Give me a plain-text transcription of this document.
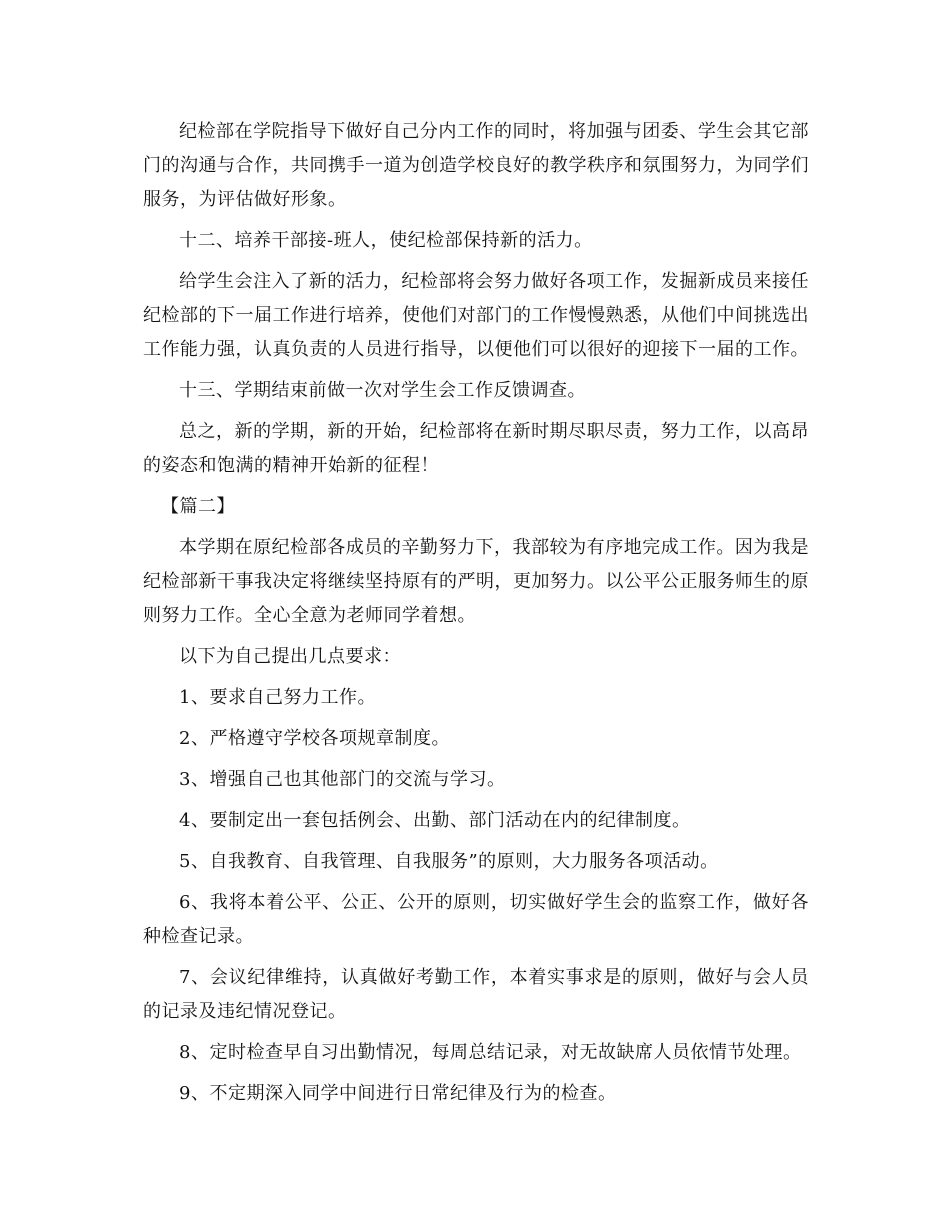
纪检部在学院指导下做好自己分内工作的同时，将加强与团委、学生会其它部门的沟通与合作，共同携手一道为创造学校良好的教学秩序和氛围努力，为同学们服务，为评估做好形象。

十二、培养干部接-班人，使纪检部保持新的活力。

给学生会注入了新的活力，纪检部将会努力做好各项工作，发掘新成员来接任纪检部的下一届工作进行培养，使他们对部门的工作慢慢熟悉，从他们中间挑选出工作能力强，认真负责的人员进行指导，以便他们可以很好的迎接下一届的工作。

十三、学期结束前做一次对学生会工作反馈调查。

总之，新的学期，新的开始，纪检部将在新时期尽职尽责，努力工作，以高昂的姿态和饱满的精神开始新的征程！

【篇二】

本学期在原纪检部各成员的辛勤努力下，我部较为有序地完成工作。因为我是纪检部新干事我决定将继续坚持原有的严明，更加努力。以公平公正服务师生的原则努力工作。全心全意为老师同学着想。

以下为自己提出几点要求：

1、要求自己努力工作。

2、严格遵守学校各项规章制度。

3、增强自己也其他部门的交流与学习。

4、要制定出一套包括例会、出勤、部门活动在内的纪律制度。

5、自我教育、自我管理、自我服务”的原则，大力服务各项活动。

6、我将本着公平、公正、公开的原则，切实做好学生会的监察工作，做好各种检查记录。

7、会议纪律维持，认真做好考勤工作，本着实事求是的原则，做好与会人员的记录及违纪情况登记。

8、定时检查早自习出勤情况，每周总结记录，对无故缺席人员依情节处理。

9、不定期深入同学中间进行日常纪律及行为的检查。
